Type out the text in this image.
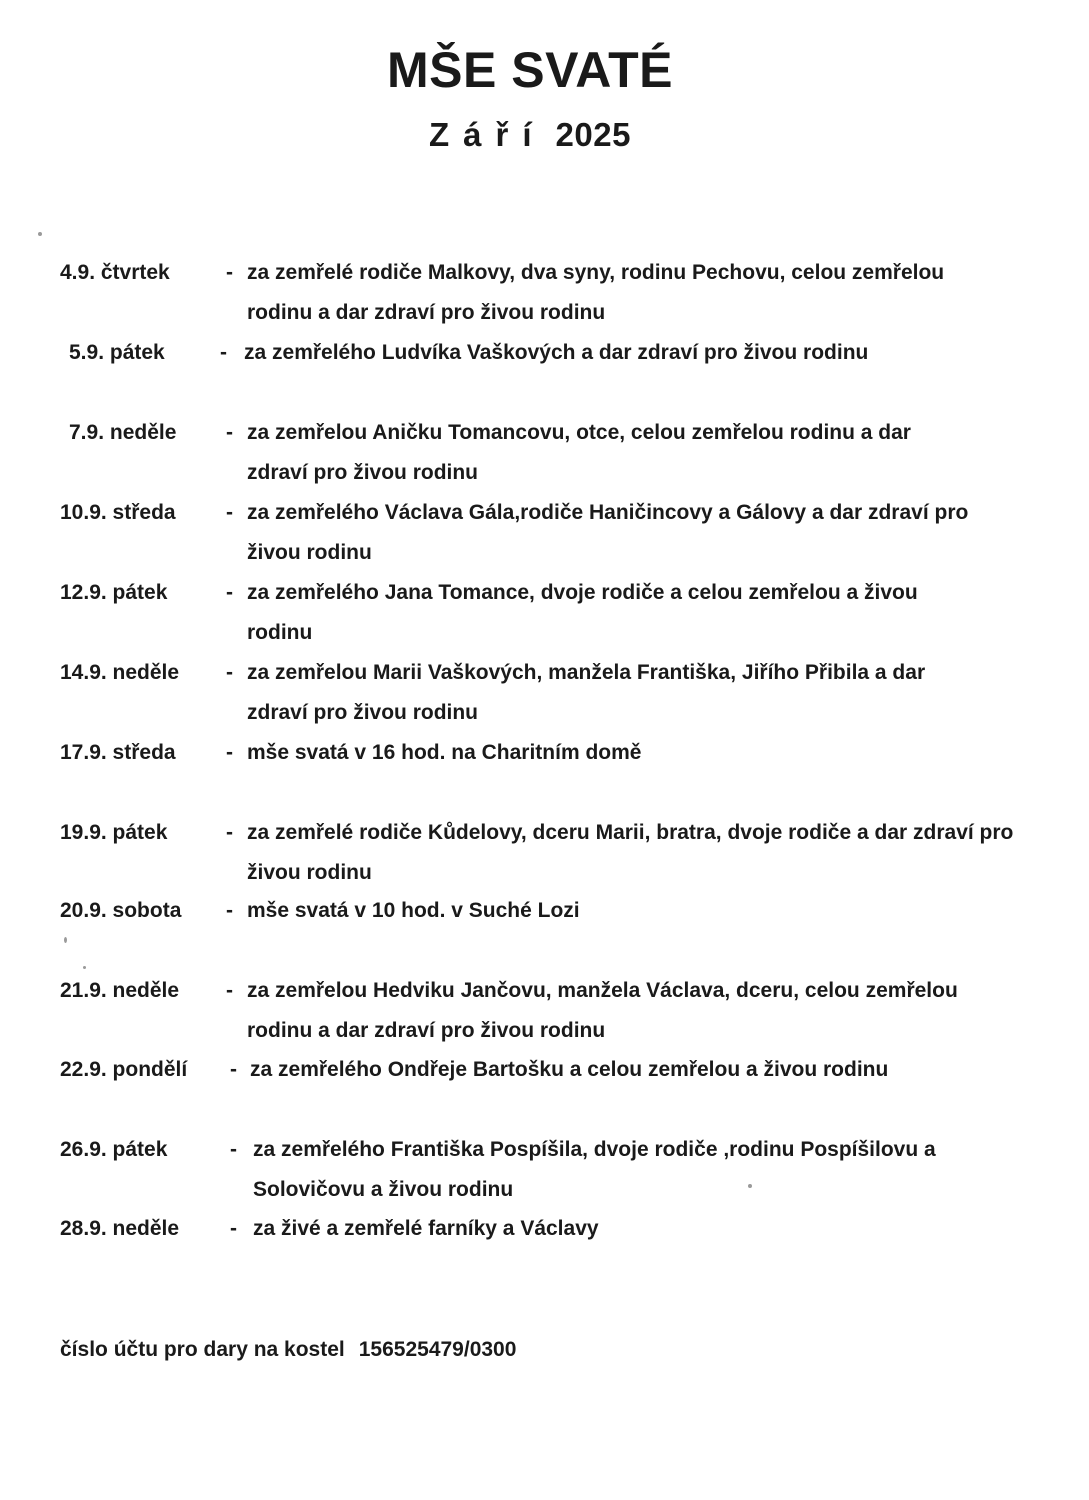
MŠE SVATÉ
Září 2025
4.9. čtvrtek	- za zemřelé rodiče Malkovy, dva syny, rodinu Pechovu, celou zemřelou rodinu a dar zdraví pro živou rodinu
5.9. pátek	- za zemřelého Ludvíka Vaškových a dar zdraví pro živou rodinu
7.9. neděle - za zemřelou Aničku Tomancovu, otce, celou zemřelou rodinu a dar zdraví pro živou rodinu
10.9. středa - za zemřelého Václava Gála,rodiče Haničincovy a Gálovy a dar zdraví pro živou rodinu
12.9. pátek	- za zemřelého Jana Tomance, dvoje rodiče a celou zemřelou a živou rodinu
14.9. neděle - za zemřelou Marii Vaškových, manžela Františka, Jiřího Přibila a dar zdraví pro živou rodinu
17.9. středa - mše svatá v 16 hod. na Charitním domě
19.9. pátek	- za zemřelé rodiče Kůdelovy, dceru Marii, bratra, dvoje rodiče a dar zdraví pro živou rodinu
20.9. sobota - mše svatá v 10 hod. v Suché Lozi
21.9. neděle - za zemřelou Hedviku Jančovu, manžela Václava, dceru, celou zemřelou rodinu a dar zdraví pro živou rodinu
22.9. pondělí - za zemřelého Ondřeje Bartošku a celou zemřelou a živou rodinu
26.9. pátek	- za zemřelého Františka Pospíšila, dvoje rodiče ,rodinu Pospíšilovu a Solovičovu a živou rodinu
28.9. neděle - za živé a zemřelé farníky a Václavy
číslo účtu pro dary na kostel 156525479/0300
